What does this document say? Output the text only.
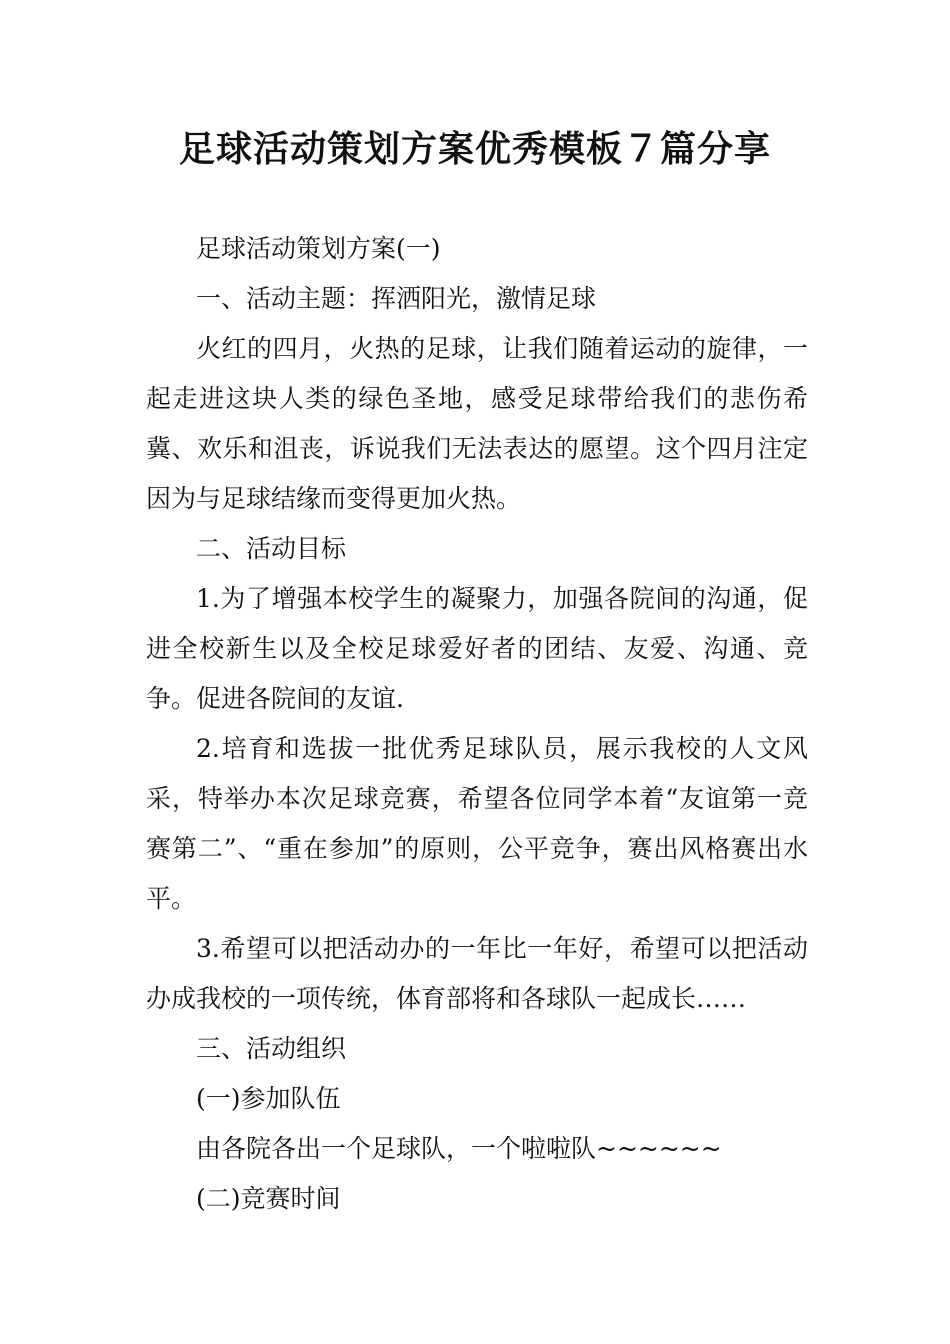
足球活动策划方案优秀模板７篇分享

足球活动策划方案(一)

一、活动主题：挥洒阳光，激情足球

火红的四月，火热的足球，让我们随着运动的旋律，一起走进这块人类的绿色圣地，感受足球带给我们的悲伤希冀、欢乐和沮丧，诉说我们无法表达的愿望。这个四月注定因为与足球结缘而变得更加火热。

二、活动目标

1.为了增强本校学生的凝聚力，加强各院间的沟通，促进全校新生以及全校足球爱好者的团结、友爱、沟通、竞争。促进各院间的友谊.

2.培育和选拔一批优秀足球队员，展示我校的人文风采，特举办本次足球竞赛，希望各位同学本着“友谊第一竞赛第二”、“重在参加”的原则，公平竞争，赛出风格赛出水平。

3.希望可以把活动办的一年比一年好，希望可以把活动办成我校的一项传统，体育部将和各球队一起成长……

三、活动组织

(一)参加队伍

由各院各出一个足球队，一个啦啦队~~~~~~

(二)竞赛时间
